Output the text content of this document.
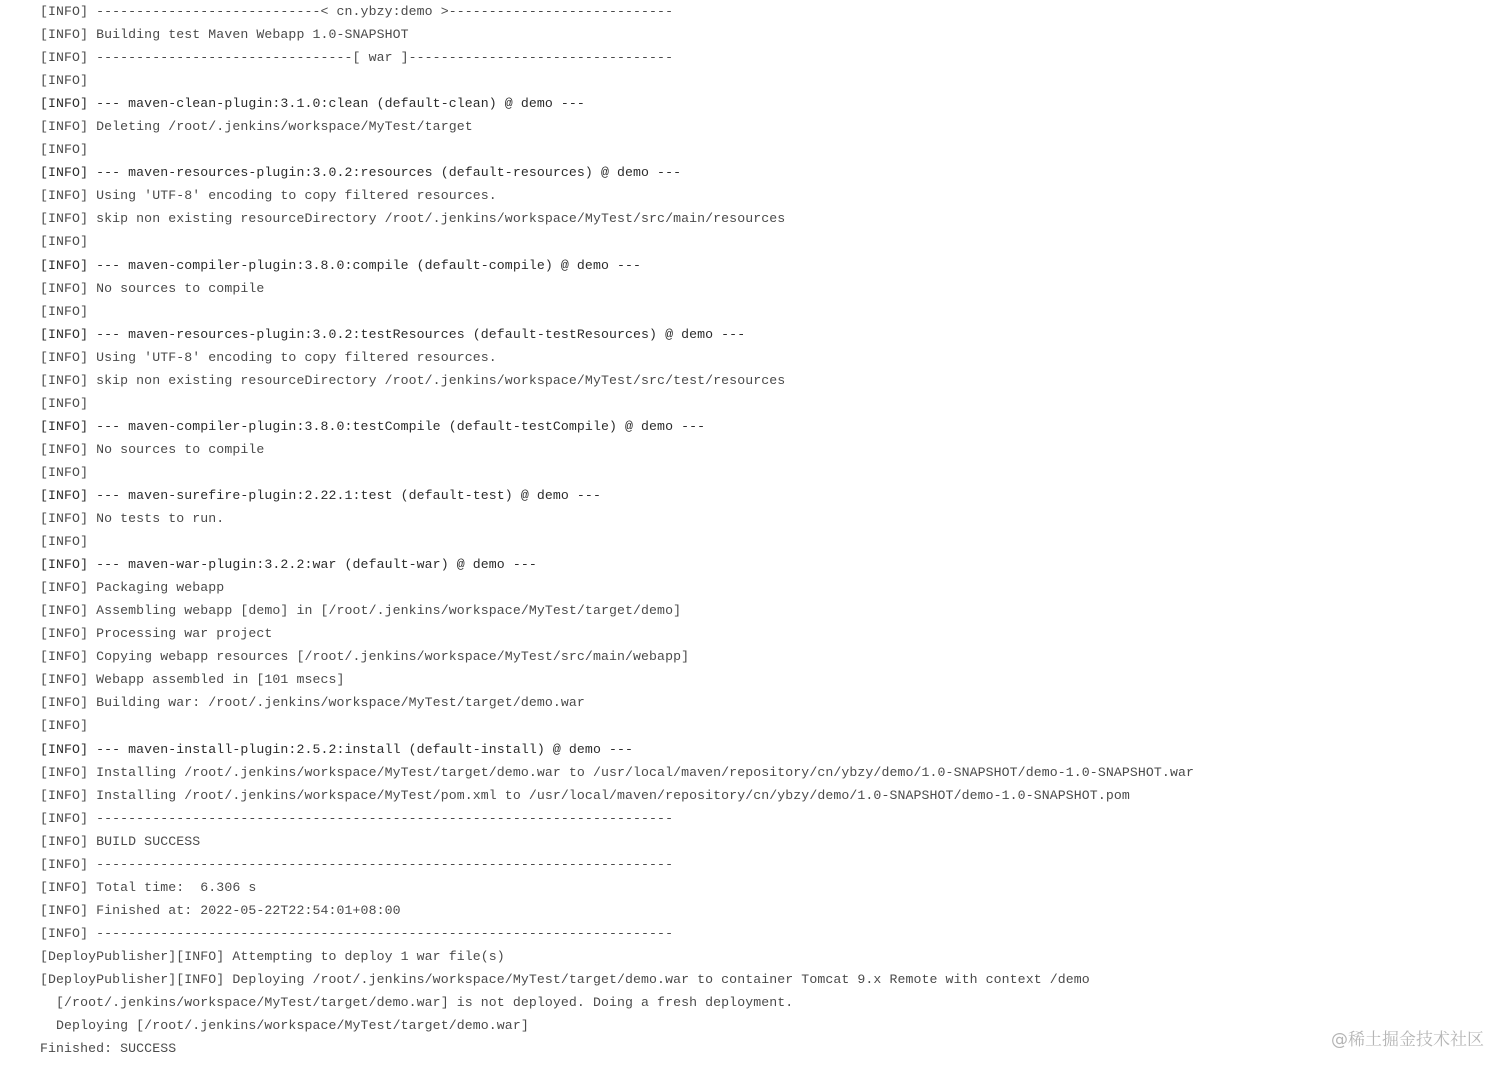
[INFO] ----------------------------< cn.ybzy:demo >----------------------------
[INFO] Building test Maven Webapp 1.0-SNAPSHOT
[INFO] --------------------------------[ war ]---------------------------------
[INFO]
[INFO] --- maven-clean-plugin:3.1.0:clean (default-clean) @ demo ---
[INFO] Deleting /root/.jenkins/workspace/MyTest/target
[INFO]
[INFO] --- maven-resources-plugin:3.0.2:resources (default-resources) @ demo ---
[INFO] Using 'UTF-8' encoding to copy filtered resources.
[INFO] skip non existing resourceDirectory /root/.jenkins/workspace/MyTest/src/main/resources
[INFO]
[INFO] --- maven-compiler-plugin:3.8.0:compile (default-compile) @ demo ---
[INFO] No sources to compile
[INFO]
[INFO] --- maven-resources-plugin:3.0.2:testResources (default-testResources) @ demo ---
[INFO] Using 'UTF-8' encoding to copy filtered resources.
[INFO] skip non existing resourceDirectory /root/.jenkins/workspace/MyTest/src/test/resources
[INFO]
[INFO] --- maven-compiler-plugin:3.8.0:testCompile (default-testCompile) @ demo ---
[INFO] No sources to compile
[INFO]
[INFO] --- maven-surefire-plugin:2.22.1:test (default-test) @ demo ---
[INFO] No tests to run.
[INFO]
[INFO] --- maven-war-plugin:3.2.2:war (default-war) @ demo ---
[INFO] Packaging webapp
[INFO] Assembling webapp [demo] in [/root/.jenkins/workspace/MyTest/target/demo]
[INFO] Processing war project
[INFO] Copying webapp resources [/root/.jenkins/workspace/MyTest/src/main/webapp]
[INFO] Webapp assembled in [101 msecs]
[INFO] Building war: /root/.jenkins/workspace/MyTest/target/demo.war
[INFO]
[INFO] --- maven-install-plugin:2.5.2:install (default-install) @ demo ---
[INFO] Installing /root/.jenkins/workspace/MyTest/target/demo.war to /usr/local/maven/repository/cn/ybzy/demo/1.0-SNAPSHOT/demo-1.0-SNAPSHOT.war
[INFO] Installing /root/.jenkins/workspace/MyTest/pom.xml to /usr/local/maven/repository/cn/ybzy/demo/1.0-SNAPSHOT/demo-1.0-SNAPSHOT.pom
[INFO] ------------------------------------------------------------------------
[INFO] BUILD SUCCESS
[INFO] ------------------------------------------------------------------------
[INFO] Total time:  6.306 s
[INFO] Finished at: 2022-05-22T22:54:01+08:00
[INFO] ------------------------------------------------------------------------
[DeployPublisher][INFO] Attempting to deploy 1 war file(s)
[DeployPublisher][INFO] Deploying /root/.jenkins/workspace/MyTest/target/demo.war to container Tomcat 9.x Remote with context /demo
[/root/.jenkins/workspace/MyTest/target/demo.war] is not deployed. Doing a fresh deployment.
Deploying [/root/.jenkins/workspace/MyTest/target/demo.war]
Finished: SUCCESS	@稀土掘金技术社区
